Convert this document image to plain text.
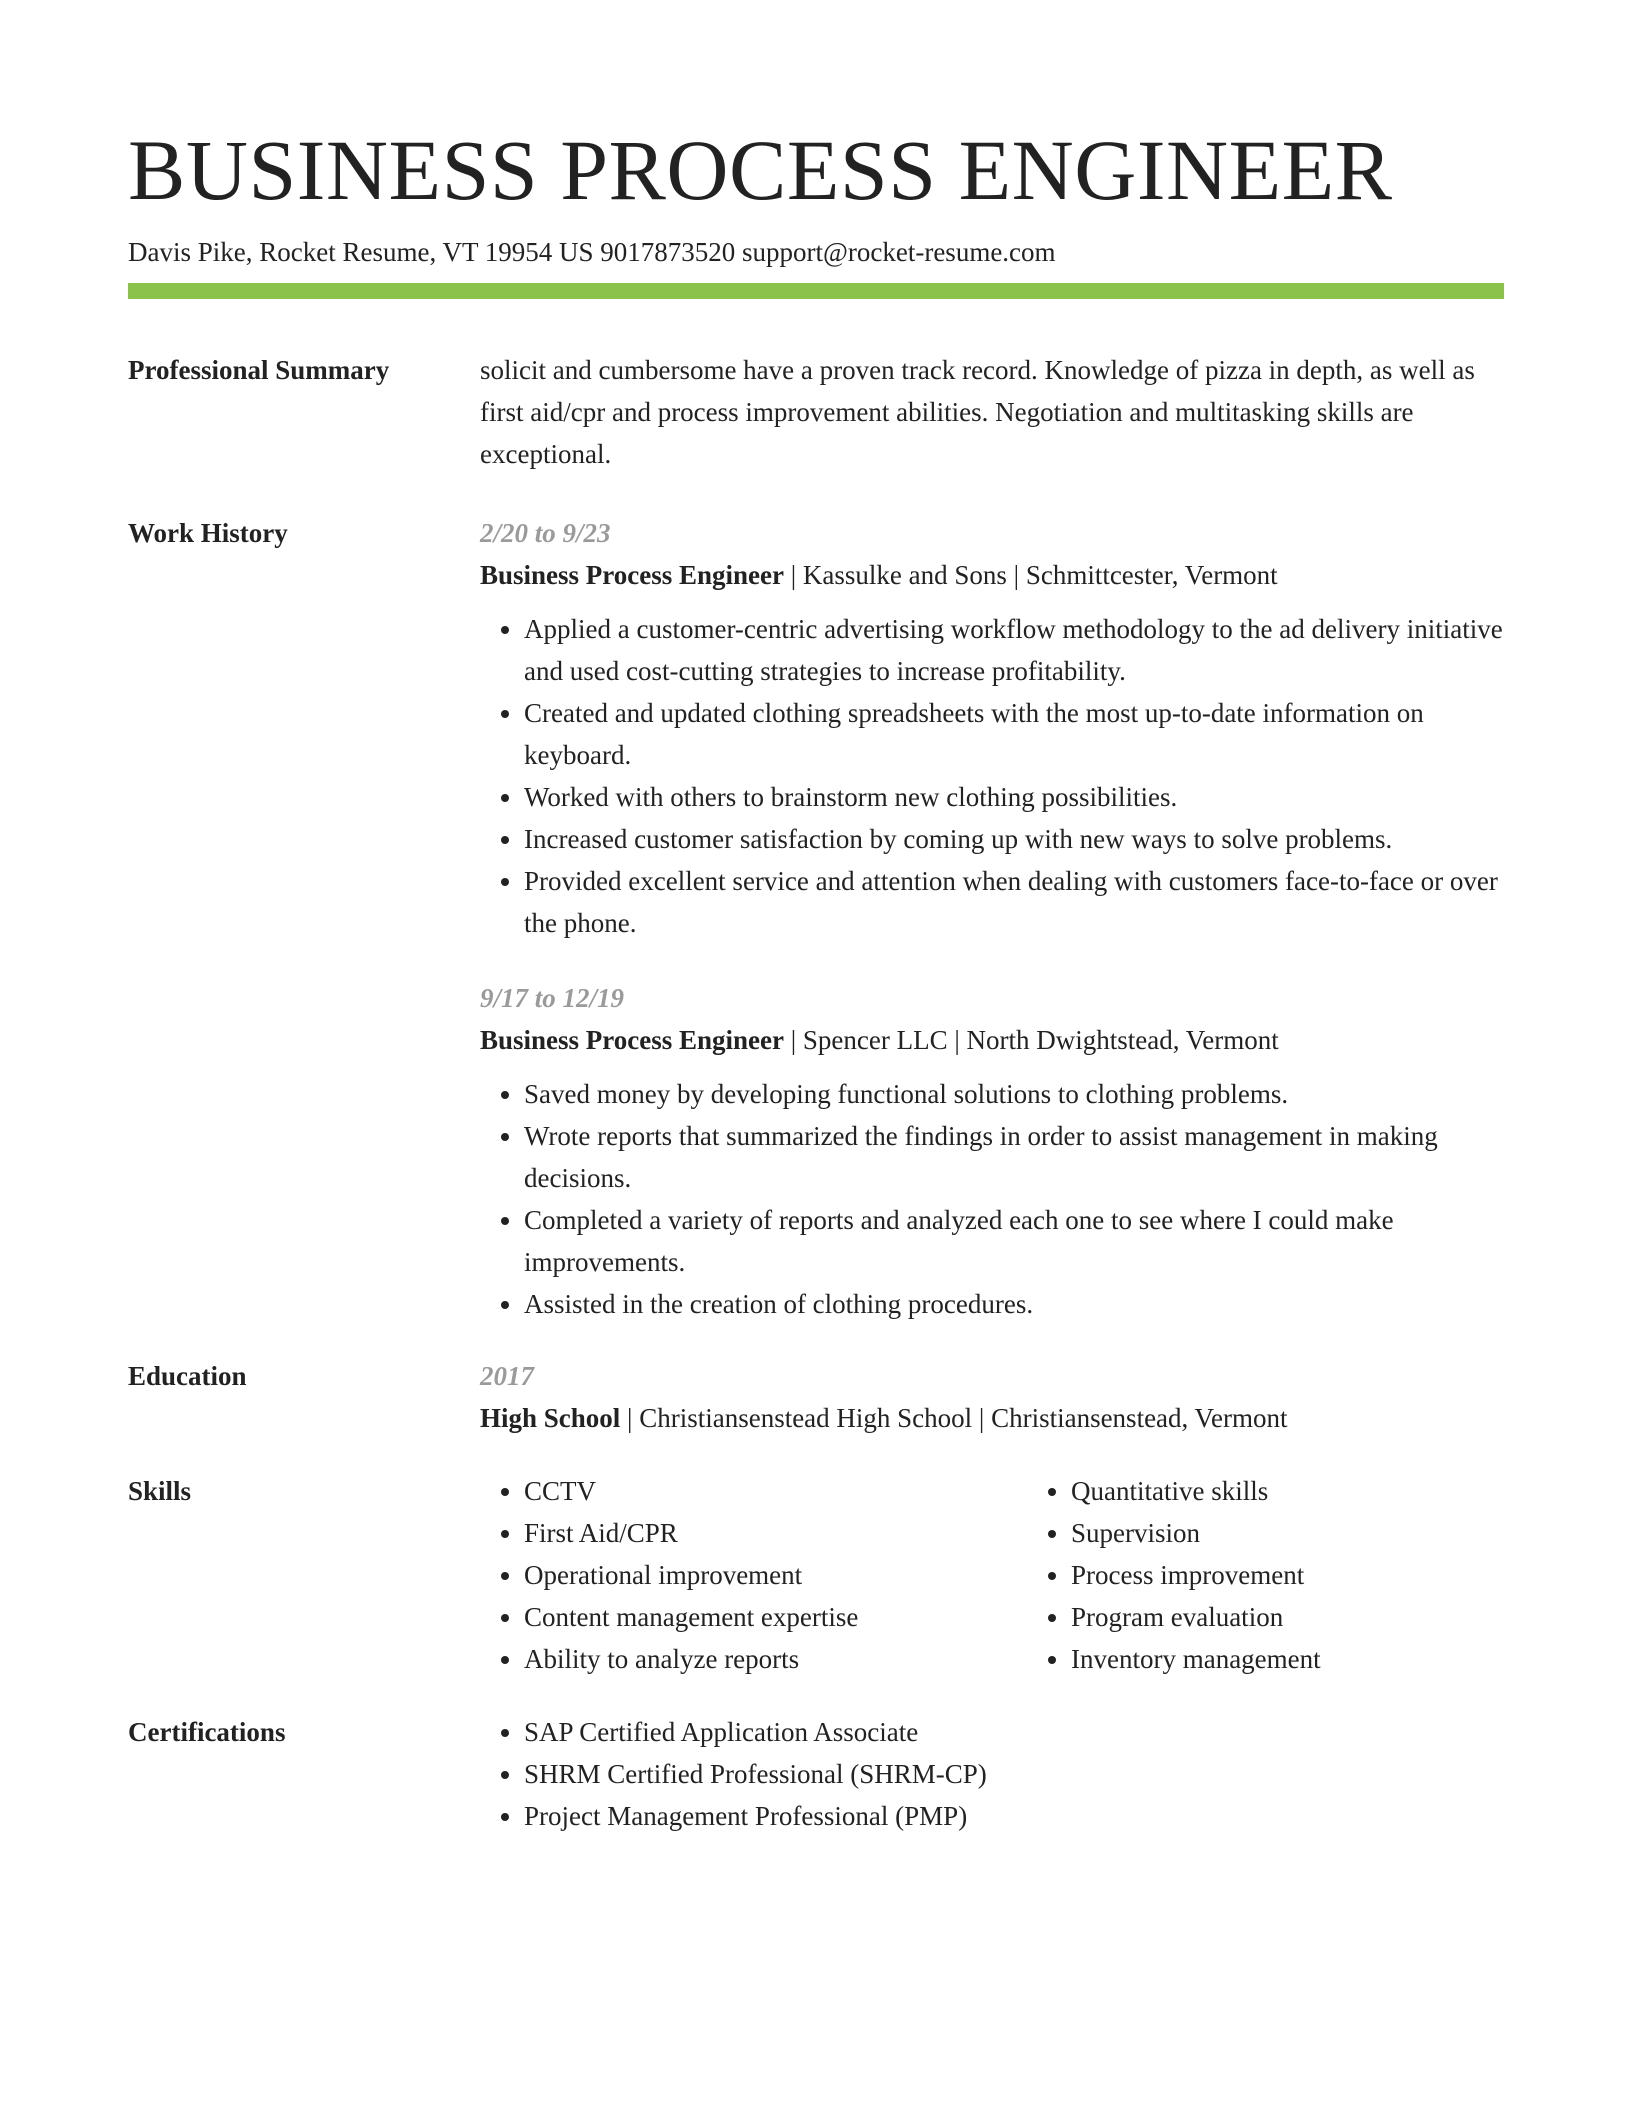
BUSINESS PROCESS ENGINEER
Davis Pike, Rocket Resume, VT 19954 US 9017873520 support@rocket-resume.com
Professional Summary	solicit and cumbersome have a proven track record. Knowledge of pizza in depth, as well as first aid/cpr and process improvement abilities. Negotiation and multitasking skills are exceptional.
Work History	2/20 to 9/23
Business Process Engineer | Kassulke and Sons | Schmittcester, Vermont
• Applied a customer-centric advertising workflow methodology to the ad delivery initiative and used cost-cutting strategies to increase profitability.
• Created and updated clothing spreadsheets with the most up-to-date information on keyboard.
• Worked with others to brainstorm new clothing possibilities.
• Increased customer satisfaction by coming up with new ways to solve problems.
• Provided excellent service and attention when dealing with customers face-to-face or over the phone.
9/17 to 12/19
Business Process Engineer | Spencer LLC | North Dwightstead, Vermont
• Saved money by developing functional solutions to clothing problems.
• Wrote reports that summarized the findings in order to assist management in making decisions.
• Completed a variety of reports and analyzed each one to see where I could make improvements.
• Assisted in the creation of clothing procedures.
Education	2017
High School | Christiansenstead High School | Christiansenstead, Vermont
Skills	• CCTV
• First Aid/CPR
• Operational improvement
• Content management expertise
• Ability to analyze reports
• Quantitative skills
• Supervision
• Process improvement
• Program evaluation
• Inventory management
Certifications	• SAP Certified Application Associate
• SHRM Certified Professional (SHRM-CP)
• Project Management Professional (PMP)
